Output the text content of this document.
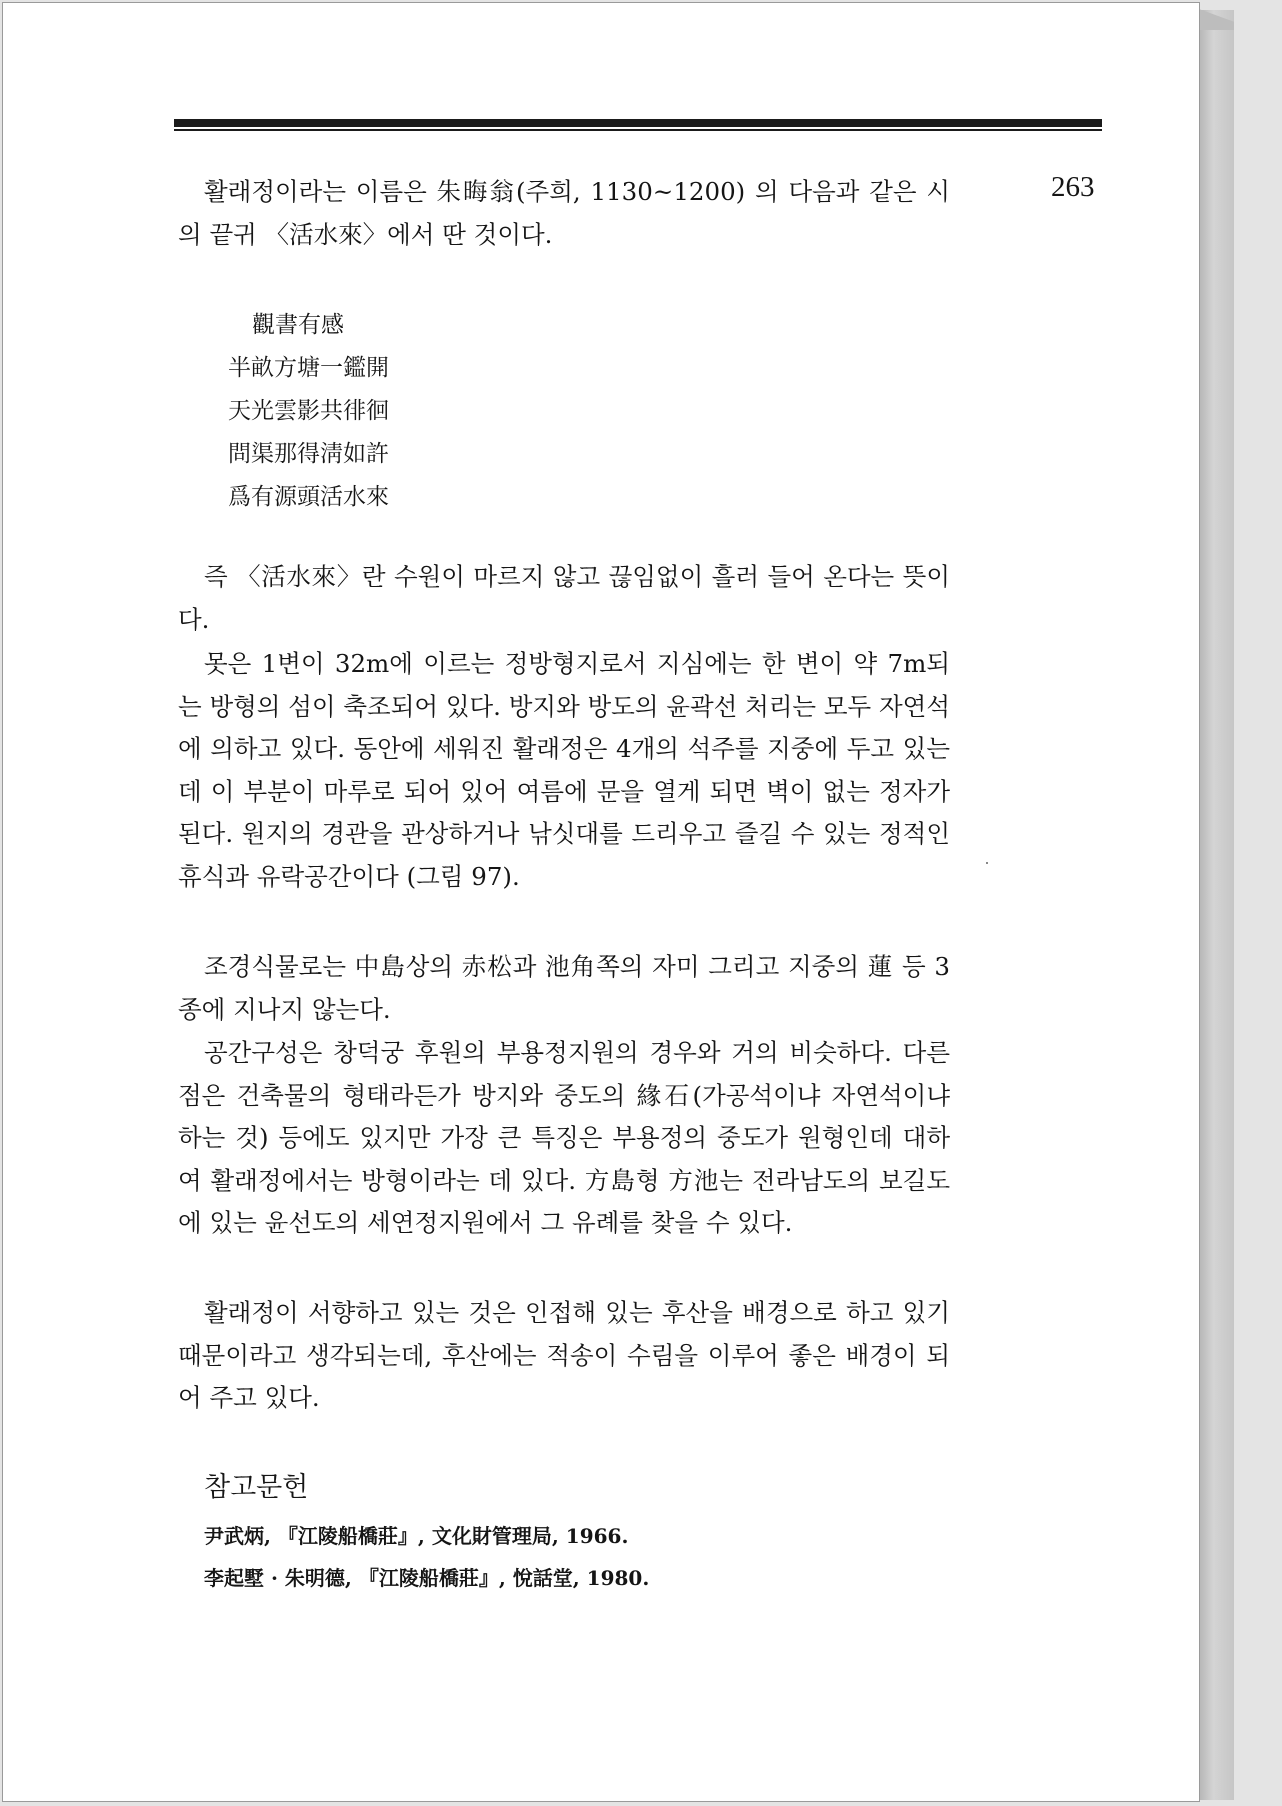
263

활래정이라는 이름은 朱晦翁(주희, 1130~1200) 의 다음과 같은 시의 끝귀 〈活水來〉에서 딴 것이다.

觀書有感
半畝方塘一鑑開
天光雲影共徘徊
問渠那得淸如許
爲有源頭活水來

즉 〈活水來〉란 수원이 마르지 않고 끊임없이 흘러 들어 온다는 뜻이다.

못은 1변이 32m에 이르는 정방형지로서 지심에는 한 변이 약 7m되는 방형의 섬이 축조되어 있다. 방지와 방도의 윤곽선 처리는 모두 자연석에 의하고 있다. 동안에 세워진 활래정은 4개의 석주를 지중에 두고 있는데 이 부분이 마루로 되어 있어 여름에 문을 열게 되면 벽이 없는 정자가 된다. 원지의 경관을 관상하거나 낚싯대를 드리우고 즐길 수 있는 정적인 휴식과 유락공간이다 (그림 97).

조경식물로는 中島상의 赤松과 池角쪽의 자미 그리고 지중의 蓮 등 3종에 지나지 않는다.

공간구성은 창덕궁 후원의 부용정지원의 경우와 거의 비슷하다. 다른 점은 건축물의 형태라든가 방지와 중도의 緣石(가공석이냐 자연석이냐 하는 것) 등에도 있지만 가장 큰 특징은 부용정의 중도가 원형인데 대하여 활래정에서는 방형이라는 데 있다. 方島형 方池는 전라남도의 보길도에 있는 윤선도의 세연정지원에서 그 유례를 찾을 수 있다.

활래정이 서향하고 있는 것은 인접해 있는 후산을 배경으로 하고 있기 때문이라고 생각되는데, 후산에는 적송이 수림을 이루어 좋은 배경이 되어 주고 있다.

참고문헌
尹武炳, 『江陵船橋莊』, 文化財管理局, 1966.
李起墅 · 朱明德, 『江陵船橋莊』, 悅話堂, 1980.
